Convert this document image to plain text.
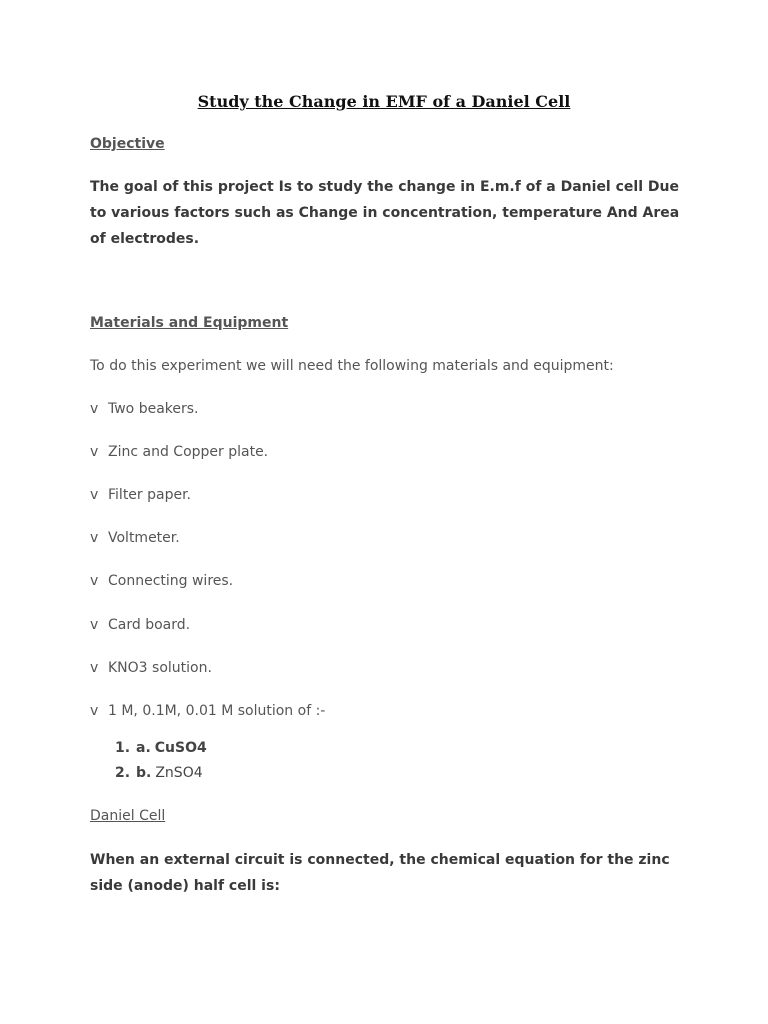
Study the Change in EMF of a Daniel Cell

Objective

The goal of this project Is to study the change in E.m.f of a Daniel cell Due
to various factors such as Change in concentration, temperature And Area
of electrodes.

Materials and Equipment

To do this experiment we will need the following materials and equipment:

v Two beakers.
v Zinc and Copper plate.
v Filter paper.
v Voltmeter.
v Connecting wires.
v Card board.
v KNO3 solution.
v 1 M, 0.1M, 0.01 M solution of :-
1. a. CuSO4
2. b. ZnSO4

Daniel Cell

When an external circuit is connected, the chemical equation for the zinc
side (anode) half cell is:
